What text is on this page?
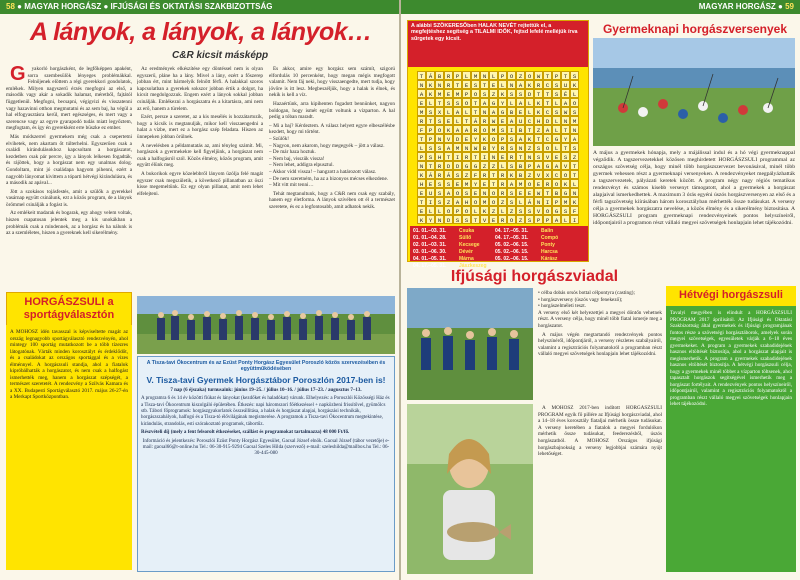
58 ● MAGYAR HORGÁSZ ● IFJÚSÁGI ÉS OKTATÁSI SZAKBIZOTTSÁG
A lányok, a lányok, a lányok…
C&R kicsit másképp

G yakorló horgászként, de legfőképpen apaként, sorra szembesülök lényeges problémákkal. Felnőjenek elöttem a régi gyerekkori gondolatok, emlékek. Milyen nagyszerű érzés megfogni az első, a második vagy akár a sokadik halamat, méretből, fajtától függetlenül. Megfogni, becsapni, végigvizi és visszatenni vagy hazavinni otthon megmutatni és az sem baj, ha végül a hal elfogyasztásra kerül, mert egészséges, és mert vagy a szerencse vagy az egyre gyarapodó tudás miatt legyőztem, megfogtam, és így én gyerekként erre büszke ez ember.

Más módszerrel gyermekem még csak a csepertetni elvihetek, nem akartam őt túlterhelni. Egyszerűen csak a családi kirándulásokhoz kapcsoltam a horgászatot, kezdetben csak pár percre, így a lányok lelkesen fogadták, és rájöttek, hogy a horgászat nem egy unalmas dolog. Gondoltam, mint jó családapa hagyom pihenni, ezért a nagyobb lányomat kivittem a tóparti hétvégi kirándulásra, és a második az apával...

Jött a szokásos tojásfestés, amit a szülők a gyerekkel vasárnap együtt csinálunk, ezt a közös program, de a lányok örömmel csinálják a fogást is.

Az emlékeit madarak és bogarak, egy ahogy velem voltak, hiszen csapatosan jelentek meg a kis unokákban a problémák csak a mindennek, az a horgász és ha nálunk is az a szemléletes, hiszen a gyereknek kell sikerélmény.

Az eredmények elkészítése egy döntéssel nem is olyan egyszerű, pláne ha a lány. Mivel a lány, ezért a főszerep jobban ért, mint bármelyik felnőtt férfi. A halakkal szoros kapcsolatban a gyerekek sokszor jobban értik a dolgot, ha kicsit megdolgozzuk. Engem ezért a lányok sokkal jobban csinálják. Emlékezni a horgászatra és a kitartásra, ami nem az erő, hanem a türelem.

Ezért, persze a szeretet, az a kis mesélés is hozzátartozik, hogy a kicsik is megtanulják, mikor kell visszaengedni a halat a vízbe, mert ez a horgász szép feladata. Hiszen az ünnepeken jobban örülnek.

A nevelésben a példamutatás az, ami tényleg számít. Mi, horgászok a gyermekekre kell figyeljünk, a horgászat nem csak a halfogásról szól. Közös élmény, közös program, amit együtt élünk meg.

A bukorikok egyre közelebbről lányom üzólja felé magát egyszer csak megszületik, a következő pillanatban az öszi kisse megemeltünk. Ez egy olyan pillanat, amit nem lehet elfelejteni.

És akkor, amire egy horgász sem számít, szigorú elfordulás 10 percenként, hogy megan mégis megfogott valamit. Nem fáj neki, hogy visszaengedte, mert tudja, hogy jövőre is itt lesz. Megbeszéljük, hogy a halak is élnek, és nekik is kell a víz.

Hazaértünk, arra kipihenten fogadott bennünket, nagyon boldogan, hogy ismét együtt voltunk a vízparton. A hal pedig a tóban maradt.

– Mi a baj? Kérdeztem. A válasz helyett egyre elbeszélésbe kezdett, hogy mi történt.
– Szülők!
– Nagyon, nem akarom, hogy megegyék – jött a válasz.
– De már haza hoztuk.
– Nem baj, visszük vissza!
– Nem lehet, addigra elpusztul.
– Akkor vidd vissza! – hangzott a határozott válasz.
– De nem szeretném, ha az a bizonyos mécses elkezdene.
– Mit vitt mit tenni…

Tehát megtanultunk, hogy a C&R nem csak egy szabály, hanem egy életforma. A lányok szívében ott él a természet szeretete, és ez a legfontosabb, amit adhatok nekik.

HORGÁSZSULI a sportágválasztón
A MOHOSZ idén tavasszal is képviseltette magát az ország legnagyobb sportágválasztó rendezvényén, ahol mintegy 100 sportág mutatkozott be a több tízezres látogatónak. Várták minden korosztályt és érdeklődőt, és a családokat az országos sportággal és a vizes élménnyel. A horgászsuli standja, ahol a fiatalok kipróbálhatták a horgászatot, és nem csak a halfogást ismerhették meg, hanem a horgászat szépségét, a természet szeretetét. A rendezvény a Szilvás Kamara és a XX. Budapesti Sportágválasztó 2017. május 26-27-én a Merkapt Sportközpontban.
A Tisza-tavi Ökocentrum és az Ezüst Ponty Horgász Egyesület Poroszló közös szervezésében és együttműködésében
V. Tisza-tavi Gyermek Horgásztábor Poroszlón 2017-ben is!

7 nap (6 éjszaka) turnusaink: június 19–25. / július 10–16. / július 17–23. / augusztus 7–13.

A programra 6 és 14 év közötti fiúkat és lányokat (kezdőket és haladókat) várunk. Elhelyezés: a Poroszlói Közösségi Ház és a Tisza-tavi Ökocentrum kiszolgáló épületében. Étkezés: napi háromszori főétkezéssel + napközbeni frissítővel, gyümölcs stb. Tábori főprogramok: horgászgyakorlatok összeállítása, a halak és horgászat alapjai, horgászási technikák, horgászszabályok, halfogó és a Tisza-tó élővilágának megismerése. A programok a Tisza-tavi Ökocentrum megtekintése, kirándulás, strandolás, esti szórakoztató programok, tábortűz.

Részvételi díj (mely a fent felsorolt étkezéseket, szállást és programokat tartalmazza) 48 000 Ft/fő.

Információ és jelentkezés: Poroszlói Ezüst Ponty Horgász Egyesület, Gacsal József elnök. Gacsal József (tábor vezetője) e-mail: gacsal66@t-online.hu Tel.: 06-30-915-9294 Gacsal Szeles Hilda (szervező) e-mail: szeleshilda@mailbox.hu Tel.: 06-30-445-080

MAGYAR HORGÁSZ ● 59
A alábbi SZÖKERESŐben HALAK NEVÉT rejtettük el, a megfejtéshez segítség a TILALMI IDŐK, fejtsd lefelé melléjük írva sűrgetek egy kicsit.
T	Á	B	R	P	L	M	N	L	P	O	Z	O	W	T	P	T	S
N	K	N	R	T	E	S	T	E	L	N	A	K	R	C	S	U	K
A	K	M	E	M	P	O	S	Z	K	S	S	D	T	T	S	É	L
E	L	T	S	S	O	T	A	G	Y	L	A	L	K	T	L	A	O
M	S	X	L	A	L	T	N	A	G	B	E	L	K	C	S	W	S
R	T	S	E	L	T	Á	R	W	E	A	U	C	H	D	L	N	M
F	P	O	K	A	A	R	O	M	S	I	B	T	Z	A	L	T	N
T	P	N	V	D	E	Y	K	O	P	S	A	K	T	C	G	Y	A
L	S	S	A	M	N	W	B	Y	R	S	N	Z	S	O	L	T	S
P	S	H	T	I	R	T	I	N	E	R	T	N	S	V	E	S	Z
N	T	R	D	D	G	G	Z	Z	L	S	B	P	A	G	A	V	T
K	Á	R	Á	S	Z	F	R	T	R	K	B	Z	V	X	C	O	T
H	E	S	S	E	M	Y	E	T	R	A	M	O	E	R	O	K	L
E	U	S	A	O	S	E	N	O	R	S	E	E	W	T	B	G	N
T	I	S	Z	A	H	O	M	O	Z	S	L	Á	N	I	P	M	K
E	L	L	O	P	O	L	K	Z	L	Z	S	S	V	O	G	S	F
K	Y	N	D	S	S	T	V	E	R	O	Z	S	P	P	A	L	I
01. 01.–03. 31.	Csuka	04. 17.–05. 31.	Balin
01. 01.–04. 28.	Süllő	04. 17.–05. 31.	Compó
02. 01.–03. 31.	Kecsege	05. 02.–06. 15.	Ponty
03. 01.–06. 30.	Dévér	05. 02.–06. 15.	Harcsa
04. 01.–05. 31.	Márna	05. 02.–06. 15.	Kárász
04. 17.–05. 31.	Jászkeszeg
Gyermeknapi horgászversenyek

A május a gyermekek hónapja, mely a májálissal indul és a hó végi gyermeknappal végződik. A tagszervezetekkel közösen meghirdetett HORGÁSZSULI programmal az országos szövetség célja, hogy minél több horgászszervezet bevonásával, minél több gyermek vehessen részt a gyermeknapi versenyeken. A rendezvényeket megpályázhatták a tagszervezetek, pályázati keretek között. A program négy nagy régiós tematikus rendezvényt és számos kisebb versenyt támogatott, ahol a gyermekek a horgászat alapjaival ismerkedhettek. A maximum 3 órás egyéni úszós horgászversenyen az első és a férfi tagszövetség kiírásában három korosztályban mérhették össze tudásukat. A verseny célja a gyermekek horgászatra nevelése, a közös élmény és a sikerélmény biztosítása. A HORGÁSZSULI program gyermeknapi rendezvényeinek pontos helyszíneiről, időpontjairól a programon részt vállaló megyei szövetségek honlapjain lehet tájékozódni.

Ifjúsági horgászviadal

• célba dobás orsós bottal célpontyra (casting);
• horgászverseny (úszós vagy fenekező);
• horgászelméleti teszt.
A verseny első két helyezettjei a megyei döntőn vehetnek részt. A verseny célja, hogy minél több fiatal ismerje meg a horgászatot.

A május végén megtartandó rendezvények pontos helyszínéről, időpontjáról, a verseny részletes szabályairól, valamint a regisztrációs folyamatokról a programban részt vállaló megyei szövetségek honlapjain lehet tájékozódni.

A MOHOSZ 2017-ben indított HORGÁSZSULI PROGRAM egyik fő pillére az Ifjúsági horgászviadal, ahol a 14–18 éves korosztály fiataljai mérhetik össze tudásukat. A verseny keretében a fiatalok a megyei fordulókon mérhetik össze tudásukat, feederezésből, úszós horgászatból. A MOHOSZ Országos ifjúsági horgászbajnokság a verseny legjobbjai számára nyújt lehetőséget.

Hétvégi horgászsuli
Tavalyi megyében is elindult a HORGÁSZSULI PROGRAM 2017 áprilisától. Az Ifjúsági és Oktatási Szakbizottság által gyermekek és ifjúsági programjának fontos része a szövetségi horgásztáborok, amelyek során megyei szövetségek, egyesületek várják a 6–18 éves gyermekeket. A program a gyermekek szabadidejének hasznos eltöltését biztosítja, ahol a horgászat alapjait is megismerhetik. A program a gyermekek szabadidejének hasznos eltöltését biztosítja. A hétvégi horgászsuli célja, hogy a gyermekek minél többet a vízparton töltsenek, ahol tapasztalt horgászok segítségével ismerhetik meg a horgászat fortélyait. A rendezvények pontos helyszíneiről, időpontjairól, valamint a regisztrációs folyamatokról a programban részt vállaló megyei szövetségek honlapjain lehet tájékozódni.
